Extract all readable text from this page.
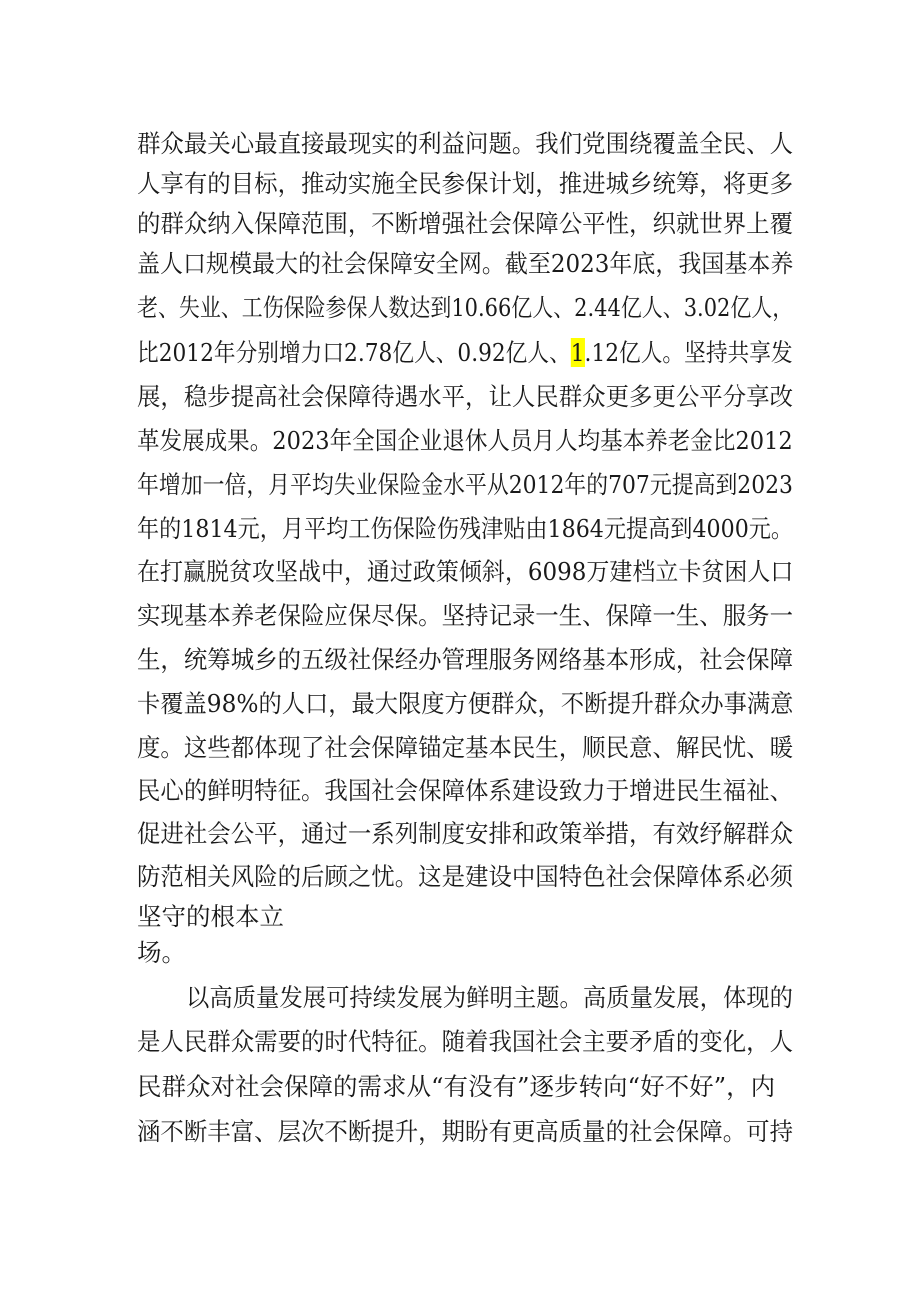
群众最关心最直接最现实的利益问题。我们党围绕覆盖全民、人
人享有的目标，推动实施全民参保计划，推进城乡统筹，将更多
的群众纳入保障范围，不断增强社会保障公平性，织就世界上覆
盖人口规模最大的社会保障安全网。截至2023年底，我国基本养
老、失业、工伤保险参保人数达到10.66亿人、2.44亿人、3.02亿人，
比2012年分别增力口2.78亿人、0.92亿人、1.12亿人。坚持共享发
展，稳步提高社会保障待遇水平，让人民群众更多更公平分享改
革发展成果。2023年全国企业退休人员月人均基本养老金比2012
年增加一倍，月平均失业保险金水平从2012年的707元提高到2023
年的1814元，月平均工伤保险伤残津贴由1864元提高到4000元。
在打赢脱贫攻坚战中，通过政策倾斜，6098万建档立卡贫困人口
实现基本养老保险应保尽保。坚持记录一生、保障一生、服务一
生，统筹城乡的五级社保经办管理服务网络基本形成，社会保障
卡覆盖98%的人口，最大限度方便群众，不断提升群众办事满意
度。这些都体现了社会保障锚定基本民生，顺民意、解民忧、暖
民心的鲜明特征。我国社会保障体系建设致力于增进民生福祉、
促进社会公平，通过一系列制度安排和政策举措，有效纾解群众
防范相关风险的后顾之忧。这是建设中国特色社会保障体系必须
坚守的根本立
场。
以高质量发展可持续发展为鲜明主题。高质量发展，体现的
是人民群众需要的时代特征。随着我国社会主要矛盾的变化，人
民群众对社会保障的需求从“有没有”逐步转向“好不好”，内
涵不断丰富、层次不断提升，期盼有更高质量的社会保障。可持
